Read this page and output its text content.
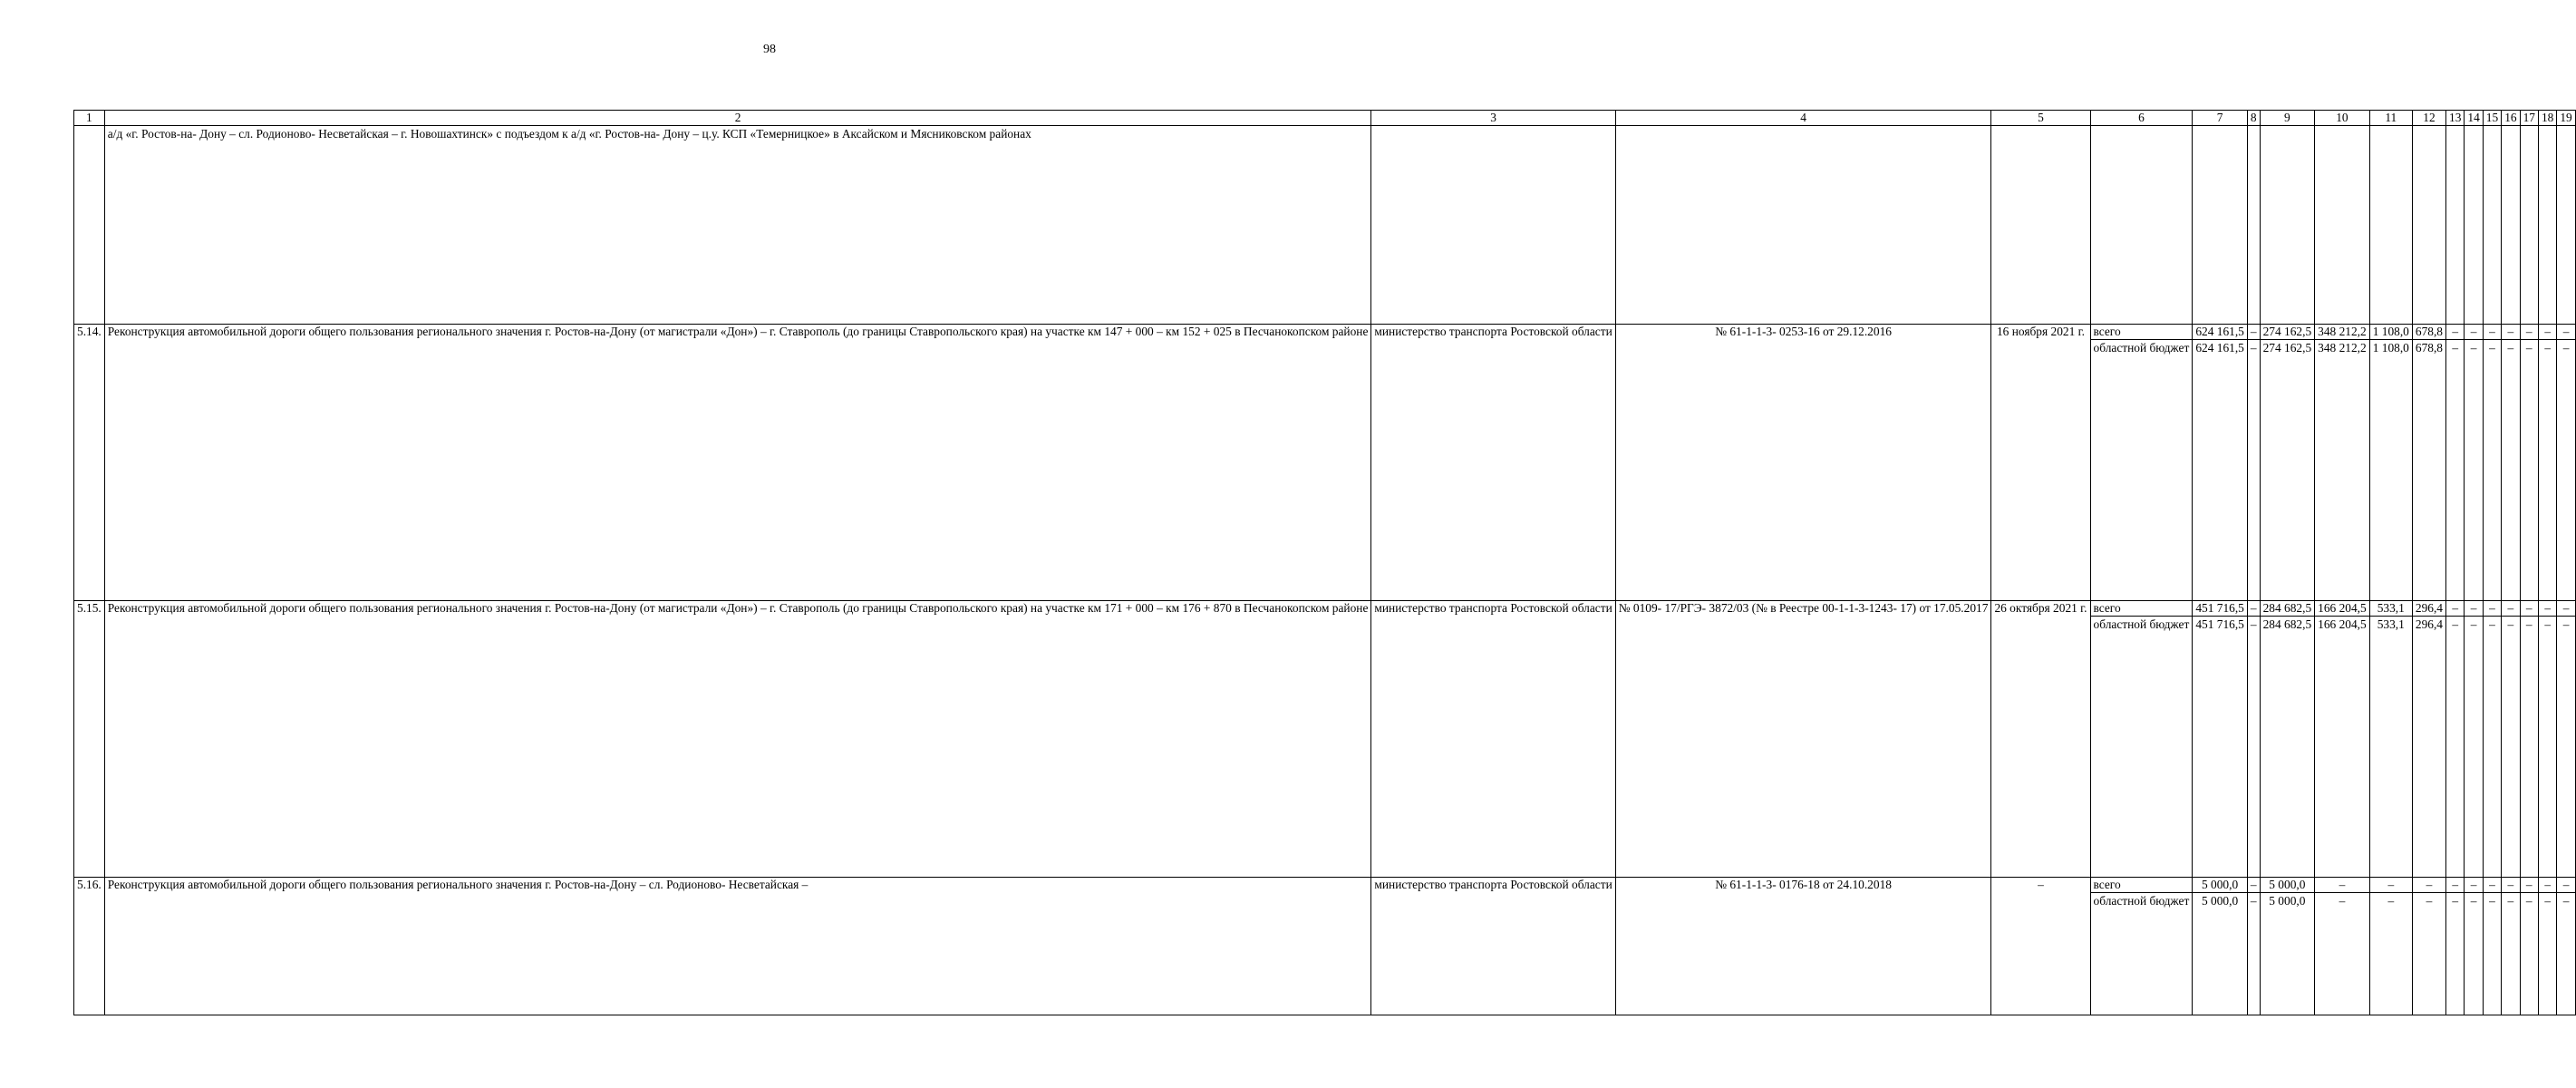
98
1	2	3	4	5	6	7	8	9	10	11	12	13	14	15	16	17	18	19
	а/д «г. Ростов-на- Дону – сл. Родионово- Несветайская – г. Новошахтинск» с подъездом к а/д «г. Ростов-на- Дону – ц.у. КСП «Темерницкое» в Аксайском и Мясниковском районах																	
5.14.	Реконструкция автомобильной дороги общего пользования регионального значения г. Ростов-на-Дону (от магистрали «Дон») – г. Ставрополь (до границы Ставропольского края) на участке км 147 + 000 – км 152 + 025 в Песчанокопском районе	министерство транспорта Ростовской области	№ 61-1-1-3- 0253-16 от 29.12.2016	16 ноября 2021 г.	всего	624 161,5	–	274 162,5	348 212,2	1 108,0	678,8	–	–	–	–	–	–	–
					областной бюджет	624 161,5	–	274 162,5	348 212,2	1 108,0	678,8	–	–	–	–	–	–	–
5.15.	Реконструкция автомобильной дороги общего пользования регионального значения г. Ростов-на-Дону (от магистрали «Дон») – г. Ставрополь (до границы Ставропольского края) на участке км 171 + 000 – км 176 + 870 в Песчанокопском районе	министерство транспорта Ростовской области	№ 0109- 17/РГЭ- 3872/03 (№ в Реестре 00-1-1-3-1243- 17) от 17.05.2017	26 октября 2021 г.	всего	451 716,5	–	284 682,5	166 204,5	533,1	296,4	–	–	–	–	–	–	–
					областной бюджет	451 716,5	–	284 682,5	166 204,5	533,1	296,4	–	–	–	–	–	–	–
5.16.	Реконструкция автомобильной дороги общего пользования регионального значения г. Ростов-на-Дону – сл. Родионово- Несветайская –	министерство транспорта Ростовской области	№ 61-1-1-3- 0176-18 от 24.10.2018	–	всего	5 000,0	–	5 000,0	–	–	–	–	–	–	–	–	–	–
					областной бюджет	5 000,0	–	5 000,0	–	–	–	–	–	–	–	–	–	–
